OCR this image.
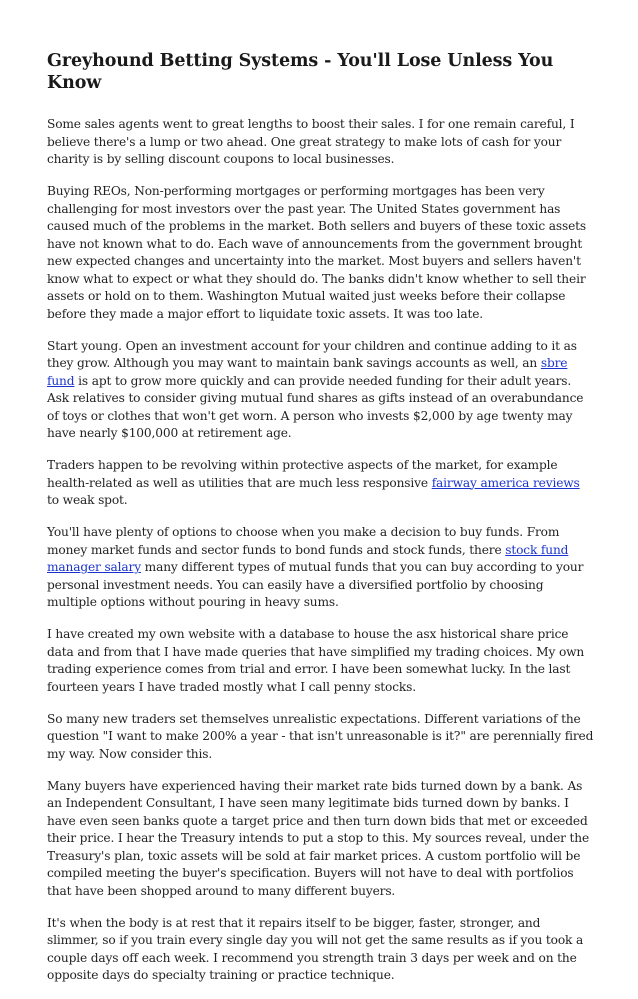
Greyhound Betting Systems - You'll Lose Unless You Know

Some sales agents went to great lengths to boost their sales. I for one remain careful, I believe there's a lump or two ahead. One great strategy to make lots of cash for your charity is by selling discount coupons to local businesses.

Buying REOs, Non-performing mortgages or performing mortgages has been very challenging for most investors over the past year. The United States government has caused much of the problems in the market. Both sellers and buyers of these toxic assets have not known what to do. Each wave of announcements from the government brought new expected changes and uncertainty into the market. Most buyers and sellers haven't know what to expect or what they should do. The banks didn't know whether to sell their assets or hold on to them. Washington Mutual waited just weeks before their collapse before they made a major effort to liquidate toxic assets. It was too late.

Start young. Open an investment account for your children and continue adding to it as they grow. Although you may want to maintain bank savings accounts as well, an sbre fund is apt to grow more quickly and can provide needed funding for their adult years. Ask relatives to consider giving mutual fund shares as gifts instead of an overabundance of toys or clothes that won't get worn. A person who invests $2,000 by age twenty may have nearly $100,000 at retirement age.

Traders happen to be revolving within protective aspects of the market, for example health-related as well as utilities that are much less responsive fairway america reviews to weak spot.

You'll have plenty of options to choose when you make a decision to buy funds. From money market funds and sector funds to bond funds and stock funds, there stock fund manager salary many different types of mutual funds that you can buy according to your personal investment needs. You can easily have a diversified portfolio by choosing multiple options without pouring in heavy sums.

I have created my own website with a database to house the asx historical share price data and from that I have made queries that have simplified my trading choices. My own trading experience comes from trial and error. I have been somewhat lucky. In the last fourteen years I have traded mostly what I call penny stocks.

So many new traders set themselves unrealistic expectations. Different variations of the question "I want to make 200% a year - that isn't unreasonable is it?" are perennially fired my way. Now consider this.

Many buyers have experienced having their market rate bids turned down by a bank. As an Independent Consultant, I have seen many legitimate bids turned down by banks. I have even seen banks quote a target price and then turn down bids that met or exceeded their price. I hear the Treasury intends to put a stop to this. My sources reveal, under the Treasury's plan, toxic assets will be sold at fair market prices. A custom portfolio will be compiled meeting the buyer's specification. Buyers will not have to deal with portfolios that have been shopped around to many different buyers.

It's when the body is at rest that it repairs itself to be bigger, faster, stronger, and slimmer, so if you train every single day you will not get the same results as if you took a couple days off each week. I recommend you strength train 3 days per week and on the opposite days do specialty training or practice technique.
